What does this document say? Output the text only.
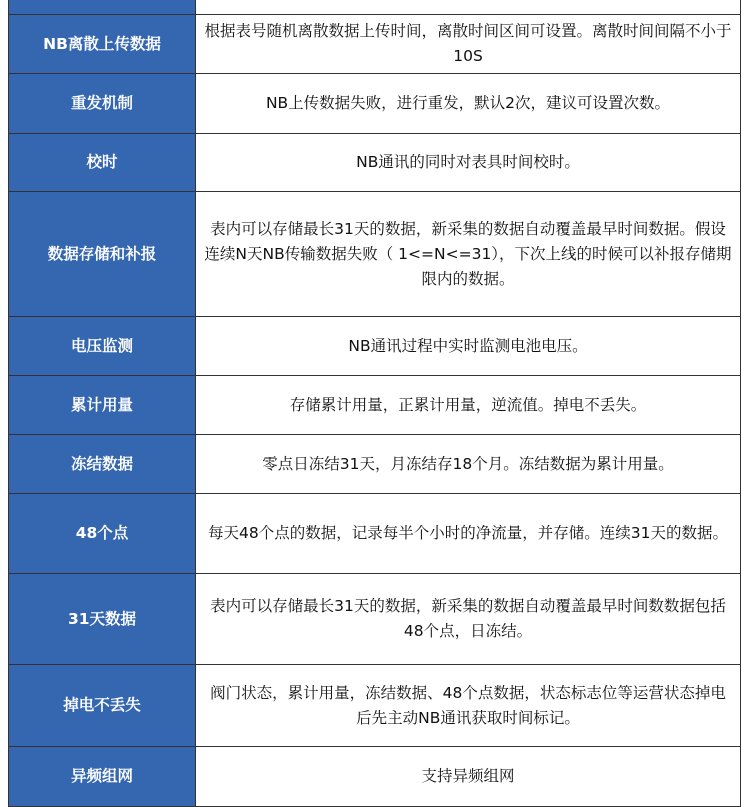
NB离散上传数据	根据表号随机离散数据上传时间，离散时间区间可设置。离散时间间隔不小于10S
重发机制	NB上传数据失败，进行重发，默认2次，建议可设置次数。
校时	NB通讯的同时对表具时间校时。
数据存储和补报	表内可以存储最长31天的数据，新采集的数据自动覆盖最早时间数据。假设连续N天NB传输数据失败（ 1<=N<=31），下次上线的时候可以补报存储期限内的数据。
电压监测	NB通讯过程中实时监测电池电压。
累计用量	存储累计用量，正累计用量，逆流值。掉电不丢失。
冻结数据	零点日冻结31天，月冻结存18个月。冻结数据为累计用量。
48个点	每天48个点的数据，记录每半个小时的净流量，并存储。连续31天的数据。
31天数据	表内可以存储最长31天的数据，新采集的数据自动覆盖最早时间数数据包括48个点，日冻结。
掉电不丢失	阀门状态，累计用量，冻结数据、48个点数据，状态标志位等运营状态掉电后先主动NB通讯获取时间标记。
异频组网	支持异频组网
